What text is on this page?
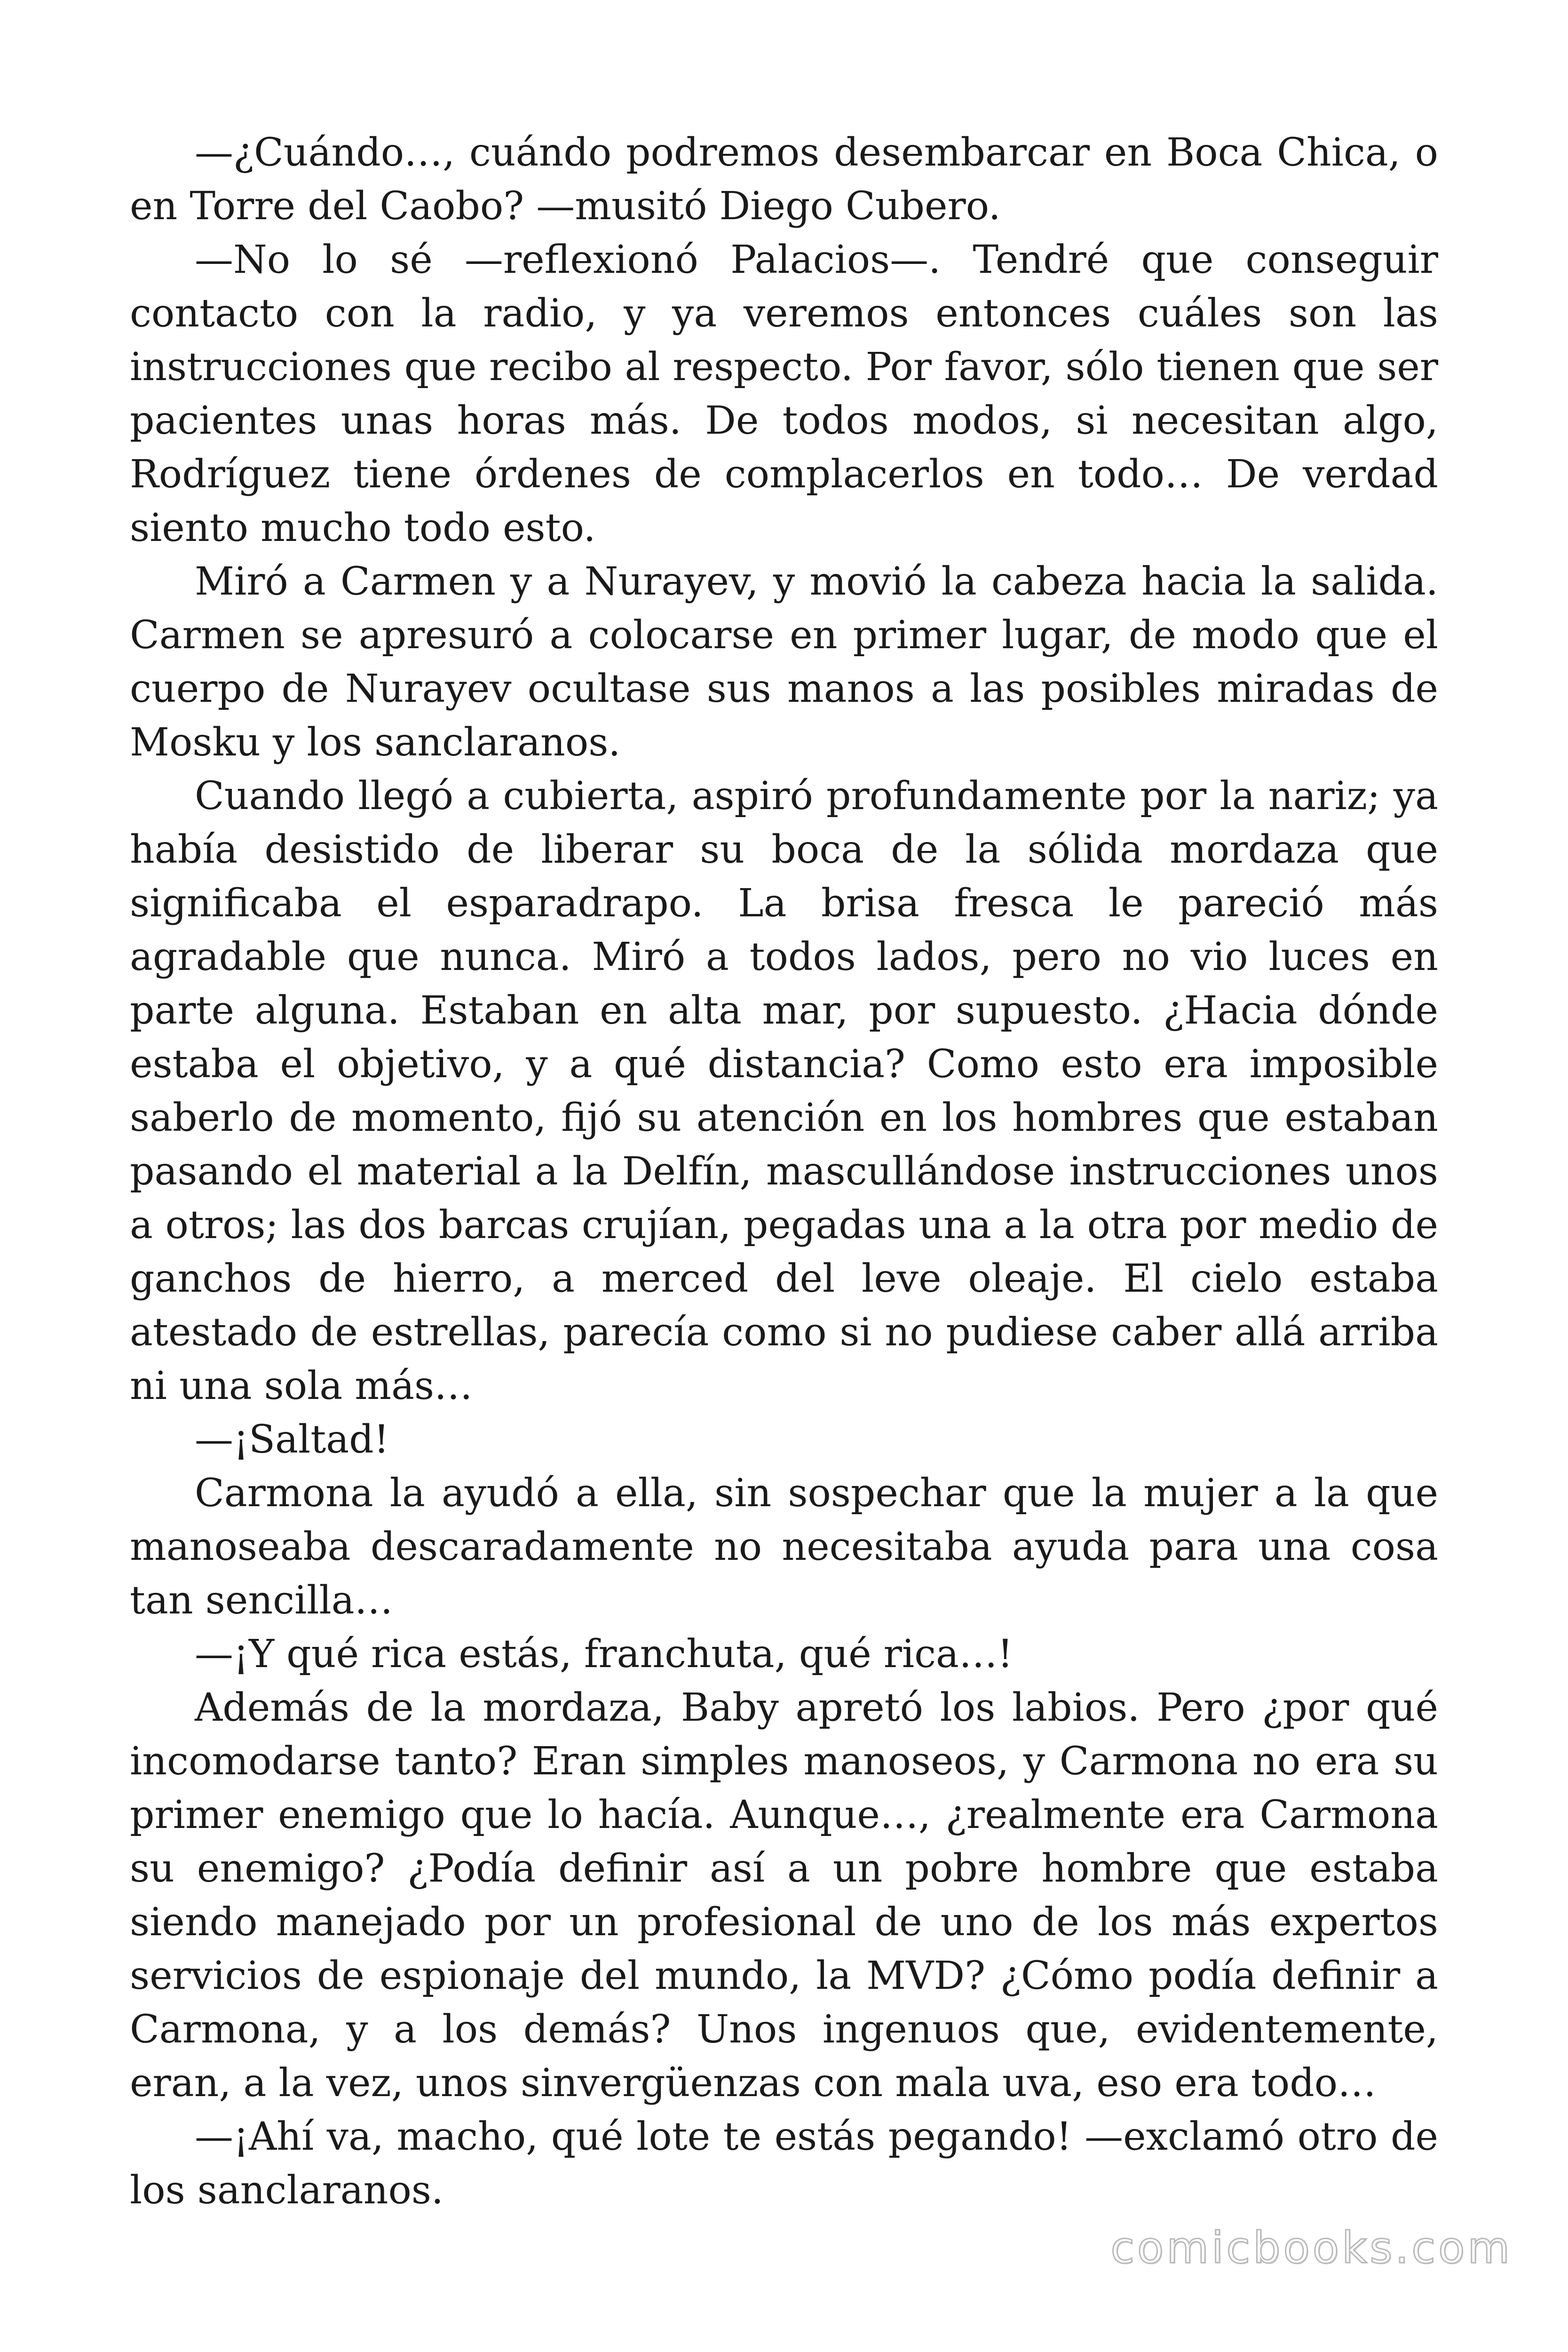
—¿Cuándo…, cuándo podremos desembarcar en Boca Chica, o en Torre del Caobo? —musitó Diego Cubero.

—No lo sé —reflexionó Palacios—. Tendré que conseguir contacto con la radio, y ya veremos entonces cuáles son las instrucciones que recibo al respecto. Por favor, sólo tienen que ser pacientes unas horas más. De todos modos, si necesitan algo, Rodríguez tiene órdenes de complacerlos en todo… De verdad siento mucho todo esto.

Miró a Carmen y a Nurayev, y movió la cabeza hacia la salida. Carmen se apresuró a colocarse en primer lugar, de modo que el cuerpo de Nurayev ocultase sus manos a las posibles miradas de Mosku y los sanclaranos.

Cuando llegó a cubierta, aspiró profundamente por la nariz; ya había desistido de liberar su boca de la sólida mordaza que significaba el esparadrapo. La brisa fresca le pareció más agradable que nunca. Miró a todos lados, pero no vio luces en parte alguna. Estaban en alta mar, por supuesto. ¿Hacia dónde estaba el objetivo, y a qué distancia? Como esto era imposible saberlo de momento, fijó su atención en los hombres que estaban pasando el material a la Delfín, mascullándose instrucciones unos a otros; las dos barcas crujían, pegadas una a la otra por medio de ganchos de hierro, a merced del leve oleaje. El cielo estaba atestado de estrellas, parecía como si no pudiese caber allá arriba ni una sola más…

—¡Saltad!

Carmona la ayudó a ella, sin sospechar que la mujer a la que manoseaba descaradamente no necesitaba ayuda para una cosa tan sencilla…

—¡Y qué rica estás, franchuta, qué rica…!

Además de la mordaza, Baby apretó los labios. Pero ¿por qué incomodarse tanto? Eran simples manoseos, y Carmona no era su primer enemigo que lo hacía. Aunque…, ¿realmente era Carmona su enemigo? ¿Podía definir así a un pobre hombre que estaba siendo manejado por un profesional de uno de los más expertos servicios de espionaje del mundo, la MVD? ¿Cómo podía definir a Carmona, y a los demás? Unos ingenuos que, evidentemente, eran, a la vez, unos sinvergüenzas con mala uva, eso era todo…

—¡Ahí va, macho, qué lote te estás pegando! —exclamó otro de los sanclaranos.

comicbooks.com
